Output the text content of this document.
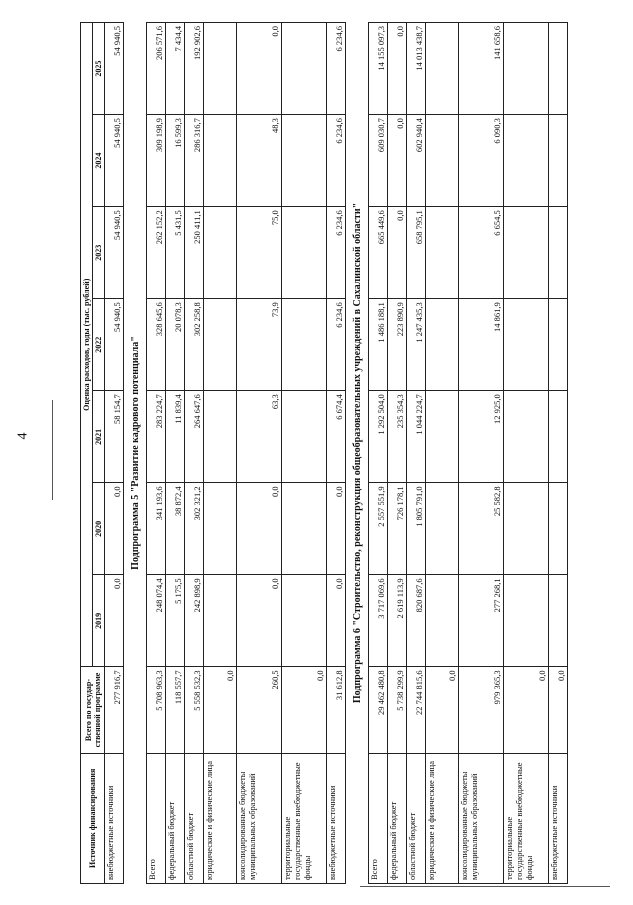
4
Источник финансирования	Всего по государ-ственной программе	Оценка расходов, годы (тыс. рублей)						
		2019	2020	2021	2022	2023	2024	2025
внебюджетные источники	277 916,7	0,0	0,0	58 154,7	54 940,5	54 940,5	54 940,5	54 940,5
Подпрограмма 5 "Развитие кадрового потенциала"								
Всего	5 708 963,3	248 074,4	341 193,6	283 224,7	328 645,6	262 152,2	309 198,9	206 571,6
федеральный бюджет	118 557,7	5 175,5	38 872,4	11 839,4	20 078,3	5 431,5	16 599,3	7 434,4
областной бюджет	5 558 532,3	242 898,9	302 321,2	264 647,6	302 258,8	250 411,1	286 316,7	192 902,6
юридические и физические лица	0,0							
консолидированные бюджеты муниципальных образований	260,5	0,0	0,0	63,3	73,9	75,0	48,3	0,0
территориальные государственные внебюджетные фонды	0,0							
внебюджетные источники	31 612,8	0,0	0,0	6 674,4	6 234,6	6 234,6	6 234,6	6 234,6
Подпрограмма 6 "Строительство, реконструкция общеобразовательных учреждений в Сахалинской области"								
Всего	29 462 480,8	3 717 069,6	2 557 551,9	1 292 504,0	1 486 188,1	665 449,6	609 030,7	14 155 097,3
федеральный бюджет	5 738 299,9	2 619 113,9	726 178,1	235 354,3	223 890,9	0,0	0,0	0,0
областной бюджет	22 744 815,6	820 687,6	1 805 791,0	1 044 224,7	1 247 435,3	658 795,1	602 940,4	14 013 438,7
юридические и физические лица	0,0							
консолидированные бюджеты муниципальных образований	979 365,3	277 268,1	25 582,8	12 925,0	14 861,9	6 654,5	6 090,3	141 658,6
территориальные государственные внебюджетные фонды	0,0							
внебюджетные источники	0,0							
